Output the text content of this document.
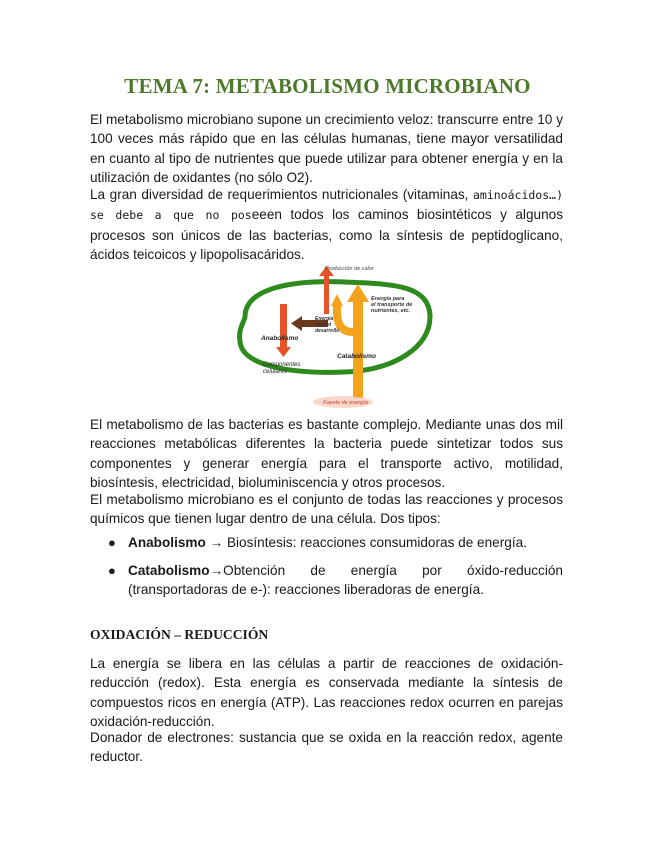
TEMA 7: METABOLISMO MICROBIANO

El metabolismo microbiano supone un crecimiento veloz: transcurre entre 10 y 100 veces más rápido que en las células humanas, tiene mayor versatilidad en cuanto al tipo de nutrientes que puede utilizar para obtener energía y en la utilización de oxidantes (no sólo O2).

La gran diversidad de requerimientos nutricionales (vitaminas, aminoácidos…) se debe a que no poseeen todos los caminos biosintéticos y algunos procesos son únicos de las bacterias, como la síntesis de peptidoglicano, ácidos teicoicos y lipopolisacáridos.

Producción de calor
Energía para el transporte de nutrientes, etc.
Energía para el desarrollo
Anabolismo
Catabolismo
Componentes celulares
Fuente de energía

El metabolismo de las bacterias es bastante complejo. Mediante unas dos mil reacciones metabólicas diferentes la bacteria puede sintetizar todos sus componentes y generar energía para el transporte activo, motilidad, biosíntesis, electricidad, bioluminiscencia y otros procesos.

El metabolismo microbiano es el conjunto de todas las reacciones y procesos químicos que tienen lugar dentro de una célula. Dos tipos:

● Anabolismo → Biosíntesis: reacciones consumidoras de energía.
● Catabolismo→Obtención de energía por óxido-reducción (transportadoras de e-): reacciones liberadoras de energía.
OXIDACIÓN – REDUCCIÓN

La energía se libera en las células a partir de reacciones de oxidación-reducción (redox). Esta energía es conservada mediante la síntesis de compuestos ricos en energía (ATP). Las reacciones redox ocurren en parejas oxidación-reducción.

Donador de electrones: sustancia que se oxida en la reacción redox, agente reductor.
